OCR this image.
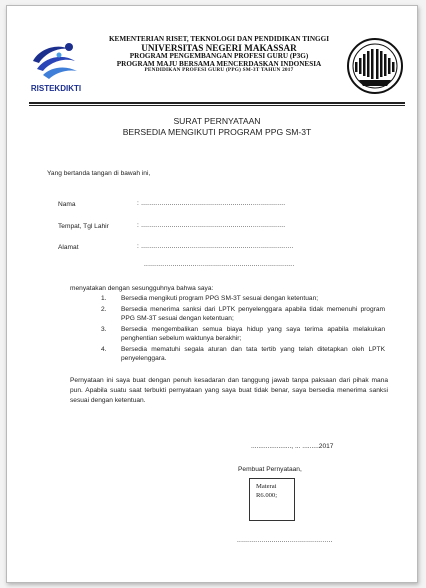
RISTEKDIKTI
KEMENTERIAN RISET, TEKNOLOGI DAN PENDIDIKAN TINGGI
UNIVERSITAS NEGERI MAKASSAR
PROGRAM PENGEMBANGAN PROFESI GURU (P3G)
PROGRAM MAJU BERSAMA MENCERDASKAN INDONESIA
PENDIDIKAN PROFESI GURU (PPG) SM-3T TAHUN 2017
SURAT PERNYATAAN
BERSEDIA MENGIKUTI PROGRAM PPG SM-3T
Yang bertanda tangan di bawah ini,
Nama	: .......................................................................
Tempat, Tgl Lahir	: .......................................................................
Alamat	: ...........................................................................
..........................................................................
menyatakan dengan sesungguhnya bahwa saya:
1.	Bersedia mengikuti program PPG SM-3T sesuai dengan ketentuan;
2.	Bersedia menerima sanksi dari LPTK penyelenggara apabila tidak memenuhi program PPG SM-3T sesuai dengan ketentuan;
3.	Bersedia mengembalikan semua biaya hidup yang saya terima apabila melakukan penghentian sebelum waktunya berakhir;
4.	Bersedia mematuhi segala aturan dan tata tertib yang telah ditetapkan oleh LPTK penyelenggara.
Pernyataan ini saya buat dengan penuh kesadaran dan tanggung jawab tanpa paksaan dari pihak mana pun. Apabila suatu saat terbukti pernyataan yang saya buat tidak benar, saya bersedia menerima sanksi sesuai dengan ketentuan.
......................, ... .........2017
Pembuat Pernyataan,
Materai
R6.000;
...............................................
